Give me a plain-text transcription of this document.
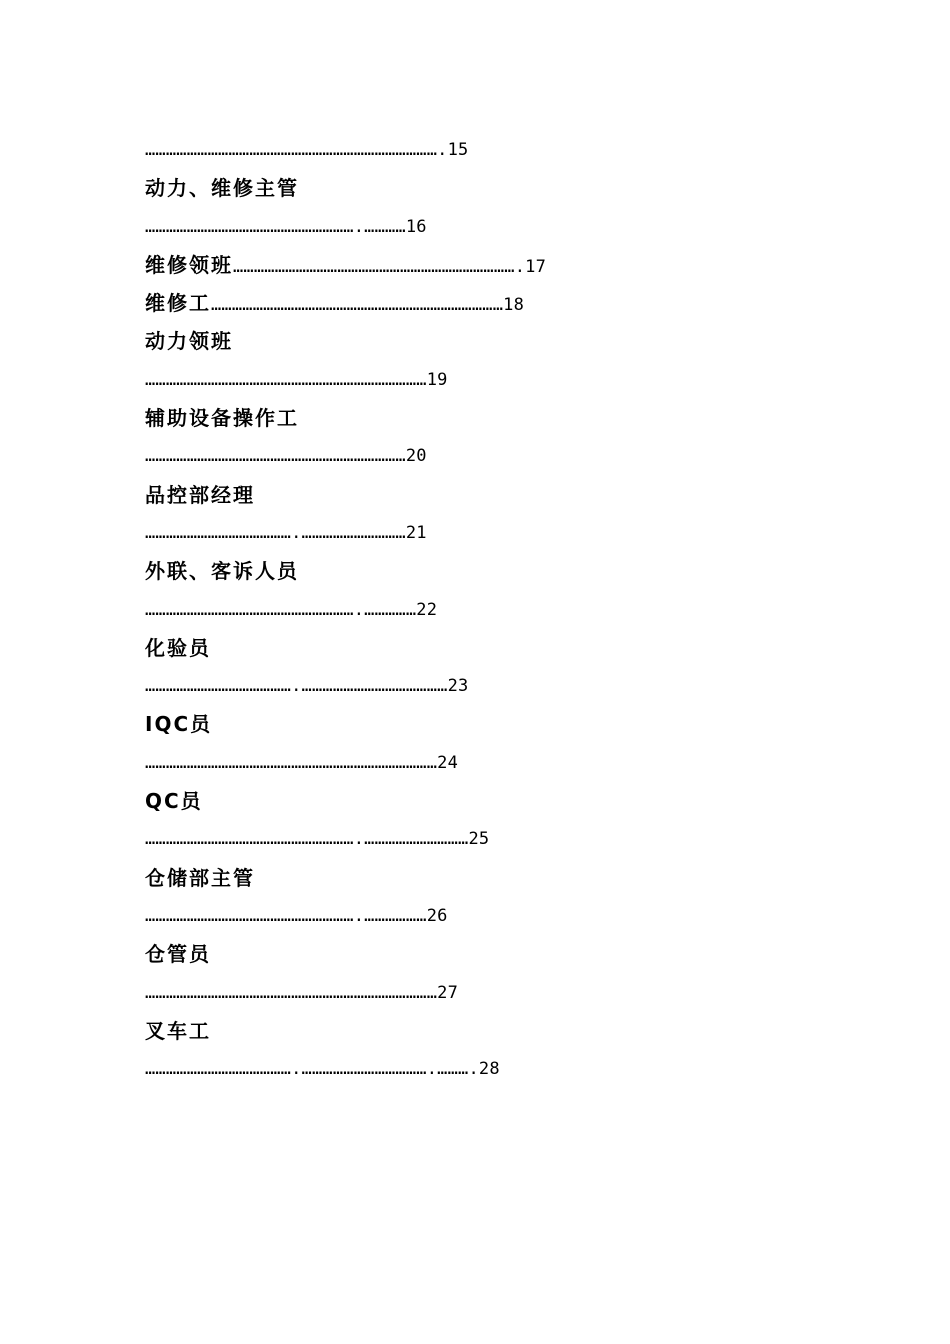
………………………………………………………………………….15
动力、维修主管
…………………………………………………….…………16
维修领班……………………………………………………………………….17
维修工…………………………………………………………………………18
动力领班
………………………………………………………………………19
辅助设备操作工
…………………………………………………………………20
品控部经理
…………………………………….…………………………21
外联、客诉人员
…………………………………………………….……………22
化验员
…………………………………….……………………………………23
IQC员
…………………………………………………………………………24
QC员
…………………………………………………….…………………………25
仓储部主管
…………………………………………………….………………26
仓管员
…………………………………………………………………………27
叉车工
…………………………………….……………………………….……….28
